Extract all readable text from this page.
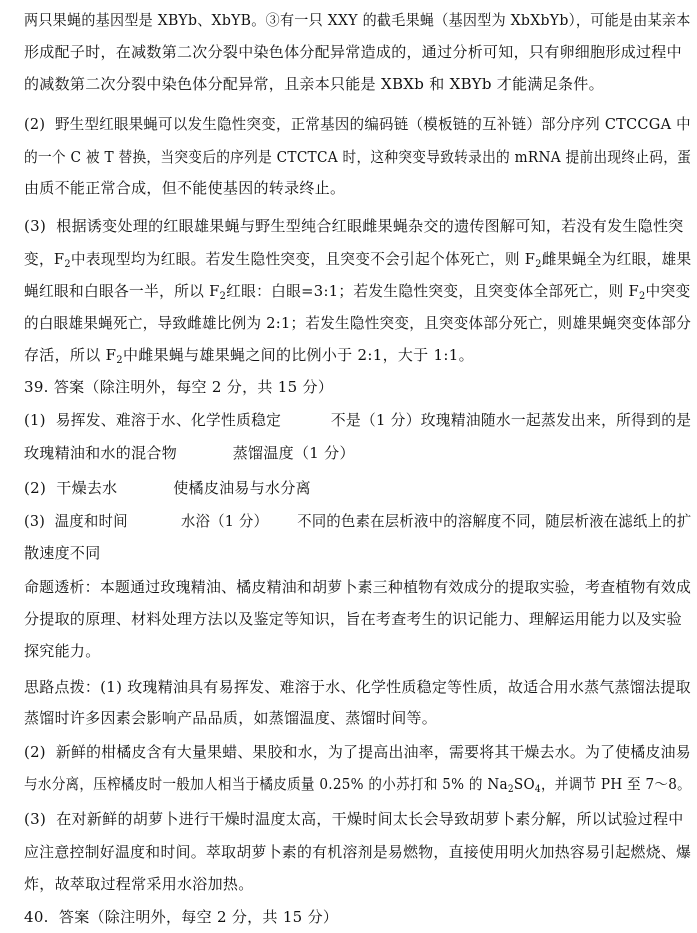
两只果蝇的基因型是 XBYb、XbYB。③有一只 XXY 的截毛果蝇（基因型为 XbXbYb），可能是由某亲本
形成配子时，在减数第二次分裂中染色体分配异常造成的，通过分析可知，只有卵细胞形成过程中
的减数第二次分裂中染色体分配异常，且亲本只能是 XBXb 和 XBYb 才能满足条件。
(2)  野生型红眼果蝇可以发生隐性突变，正常基因的编码链（模板链的互补链）部分序列 CTCCGA 中
的一个 C 被 T 替换，当突变后的序列是 CTCTCA 时，这种突变导致转录出的 mRNA 提前出现终止码，蛋
由质不能正常合成，但不能使基因的转录终止。
(3)  根据诱变处理的红眼雄果蝇与野生型纯合红眼雌果蝇杂交的遗传图解可知，若没有发生隐性突
变，$F_2$中表现型均为红眼。若发生隐性突变，且突变不会引起个体死亡，则 $F_2$雌果蝇全为红眼，雄果
蝇红眼和白眼各一半，所以 $F_2$红眼：白眼=3:1；若发生隐性突变，且突变体全部死亡，则 $F_2$中突变
的白眼雄果蝇死亡，导致雌雄比例为 2:1；若发生隐性突变，且突变体部分死亡，则雄果蝇突变体部分
存活，所以 $F_2$中雌果蝇与雄果蝇之间的比例小于 2:1，大于 1:1。
39. 答案（除注明外，每空 2 分，共 15 分）
(1)  易挥发、难溶于水、化学性质稳定          不是（1 分）玫瑰精油随水一起蒸发出来，所得到的是
玫瑰精油和水的混合物           蒸馏温度（1 分）
(2)  干燥去水           使橘皮油易与水分离
(3)  温度和时间           水浴（1 分）      不同的色素在层析液中的溶解度不同，随层析液在滤纸上的扩
散速度不同
命题透析：本题通过玫瑰精油、橘皮精油和胡萝卜素三种植物有效成分的提取实验，考查植物有效成
分提取的原理、材料处理方法以及鉴定等知识，旨在考查考生的识记能力、理解运用能力以及实验
探究能力。
思路点拨：(1) 玫瑰精油具有易挥发、难溶于水、化学性质稳定等性质，故适合用水蒸气蒸馏法提取
蒸馏时许多因素会影响产品品质，如蒸馏温度、蒸馏时间等。
(2)  新鲜的柑橘皮含有大量果蜡、果胶和水，为了提高出油率，需要将其干燥去水。为了使橘皮油易
与水分离，压榨橘皮时一般加人相当于橘皮质量 0.25% 的小苏打和 5% 的 $Na_2SO_4$，并调节 PH 至 7～8。
(3)  在对新鲜的胡萝卜进行干燥时温度太高，干燥时间太长会导致胡萝卜素分解，所以试验过程中
应注意控制好温度和时间。萃取胡萝卜素的有机溶剂是易燃物，直接使用明火加热容易引起燃烧、爆
炸，故萃取过程常采用水浴加热。
40.  答案（除注明外，每空 2 分，共 15 分）
